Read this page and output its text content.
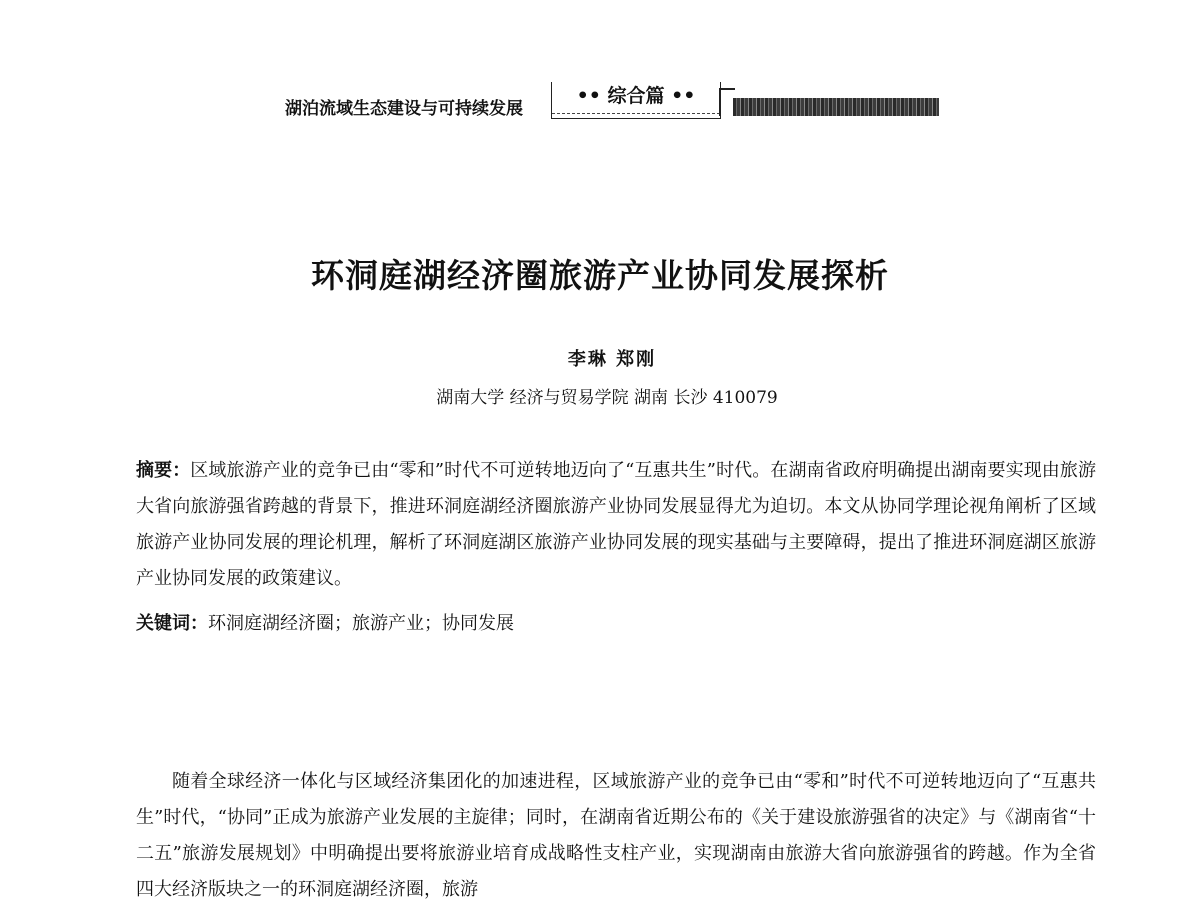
湖泊流域生态建设与可持续发展
•• 综合篇 ••
环洞庭湖经济圈旅游产业协同发展探析
李琳 郑刚
湖南大学 经济与贸易学院 湖南 长沙 410079
摘要：区域旅游产业的竞争已由“零和”时代不可逆转地迈向了“互惠共生”时代。在湖南省政府明确提出湖南要实现由旅游大省向旅游强省跨越的背景下，推进环洞庭湖经济圈旅游产业协同发展显得尤为迫切。本文从协同学理论视角阐析了区域旅游产业协同发展的理论机理，解析了环洞庭湖区旅游产业协同发展的现实基础与主要障碍，提出了推进环洞庭湖区旅游产业协同发展的政策建议。
关键词：环洞庭湖经济圈；旅游产业；协同发展
随着全球经济一体化与区域经济集团化的加速进程，区域旅游产业的竞争已由“零和”时代不可逆转地迈向了“互惠共生”时代，“协同”正成为旅游产业发展的主旋律；同时，在湖南省近期公布的《关于建设旅游强省的决定》与《湖南省“十二五”旅游发展规划》中明确提出要将旅游业培育成战略性支柱产业，实现湖南由旅游大省向旅游强省的跨越。作为全省四大经济版块之一的环洞庭湖经济圈，旅游
